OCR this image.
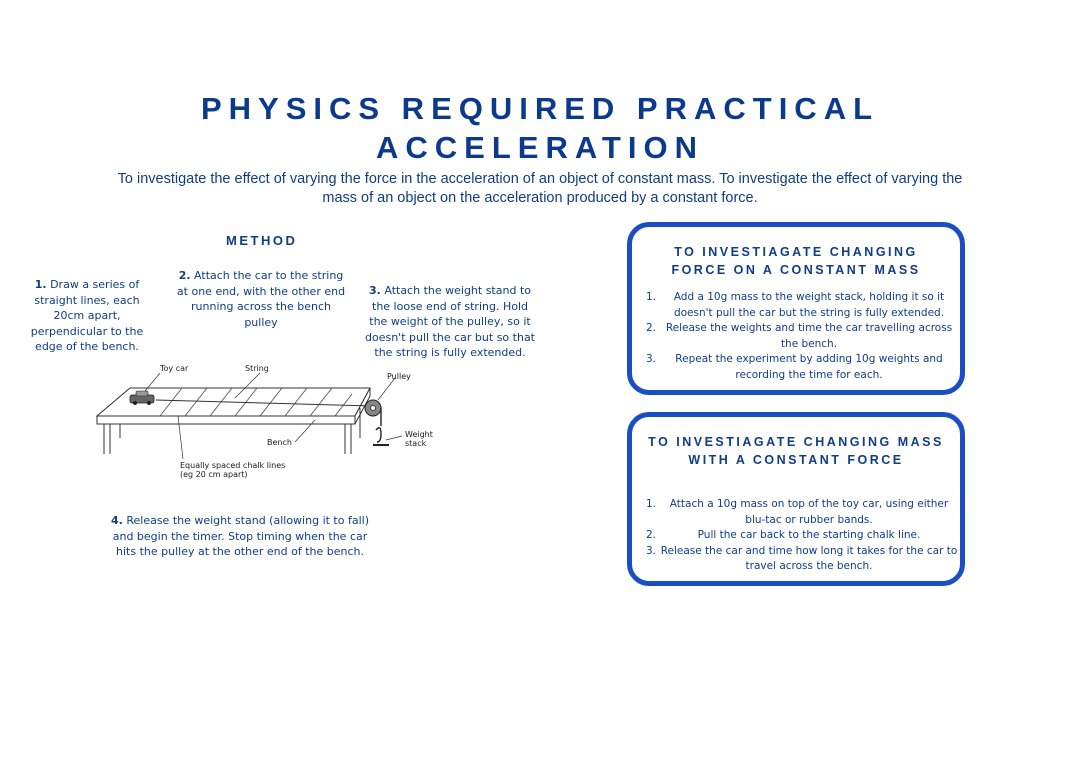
PHYSICS REQUIRED PRACTICAL
ACCELERATION
To investigate the effect of varying the force in the acceleration of an object of constant mass. To investigate the effect of varying the mass of an object on the acceleration produced by a constant force.
METHOD
1. Draw a series of straight lines, each 20cm apart, perpendicular to the edge of the bench.
2. Attach the car to the string at one end, with the other end running across the bench pulley
3. Attach the weight stand to the loose end of string. Hold the weight of the pulley, so it doesn't pull the car but so that the string is fully extended.
4. Release the weight stand (allowing it to fall) and begin the timer. Stop timing when the car hits the pulley at the other end of the bench.
Toy car	String
Pulley
Bench
Weight
stack
Equally spaced chalk lines
(eg 20 cm apart)
TO INVESTIAGATE CHANGING FORCE ON A CONSTANT MASS
1.	Add a 10g mass to the weight stack, holding it so it doesn't pull the car but the string is fully extended.
2. Release the weights and time the car travelling across the bench.
3.	Repeat the experiment by adding 10g weights and recording the time for each.
TO INVESTIAGATE CHANGING MASS WITH A CONSTANT FORCE
1.	Attach a 10g mass on top of the toy car, using either blu-tac or rubber bands.
2.	Pull the car back to the starting chalk line.
3. Release the car and time how long it takes for the car to travel across the bench.
